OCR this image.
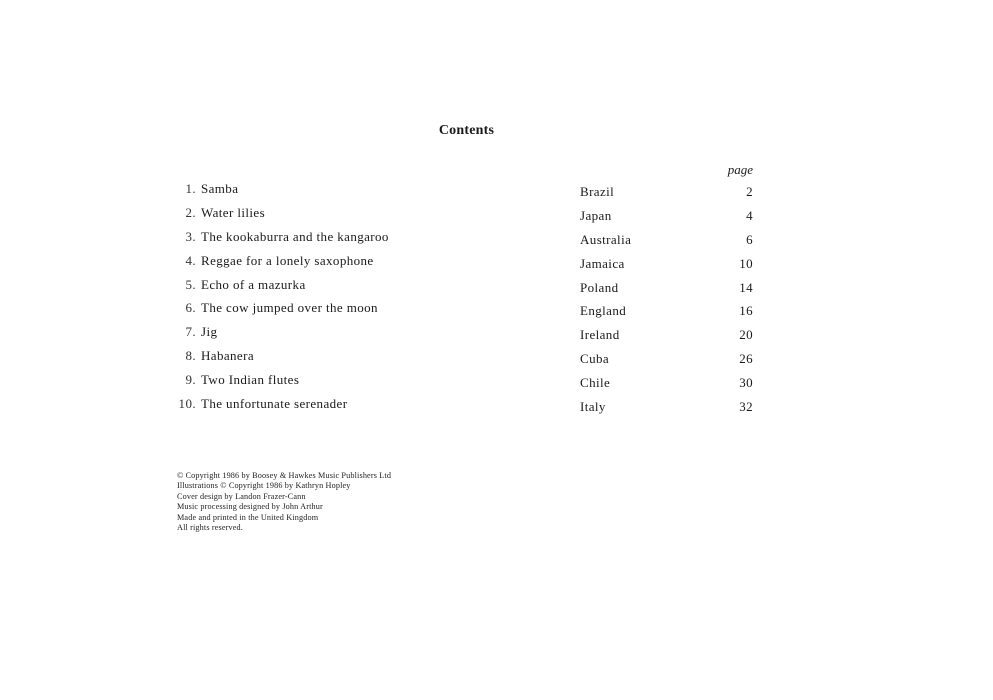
Contents
page
1. Samba	Brazil	2
2. Water lilies	Japan	4
3. The kookaburra and the kangaroo	Australia	6
4. Reggae for a lonely saxophone	Jamaica	10
5. Echo of a mazurka	Poland	14
6. The cow jumped over the moon	England	16
7. Jig	Ireland	20
8. Habanera	Cuba	26
9. Two Indian flutes	Chile	30
10. The unfortunate serenader	Italy	32
© Copyright 1986 by Boosey & Hawkes Music Publishers Ltd
Illustrations © Copyright 1986 by Kathryn Hopley
Cover design by Landon Frazer-Cann
Music processing designed by John Arthur
Made and printed in the United Kingdom
All rights reserved.
